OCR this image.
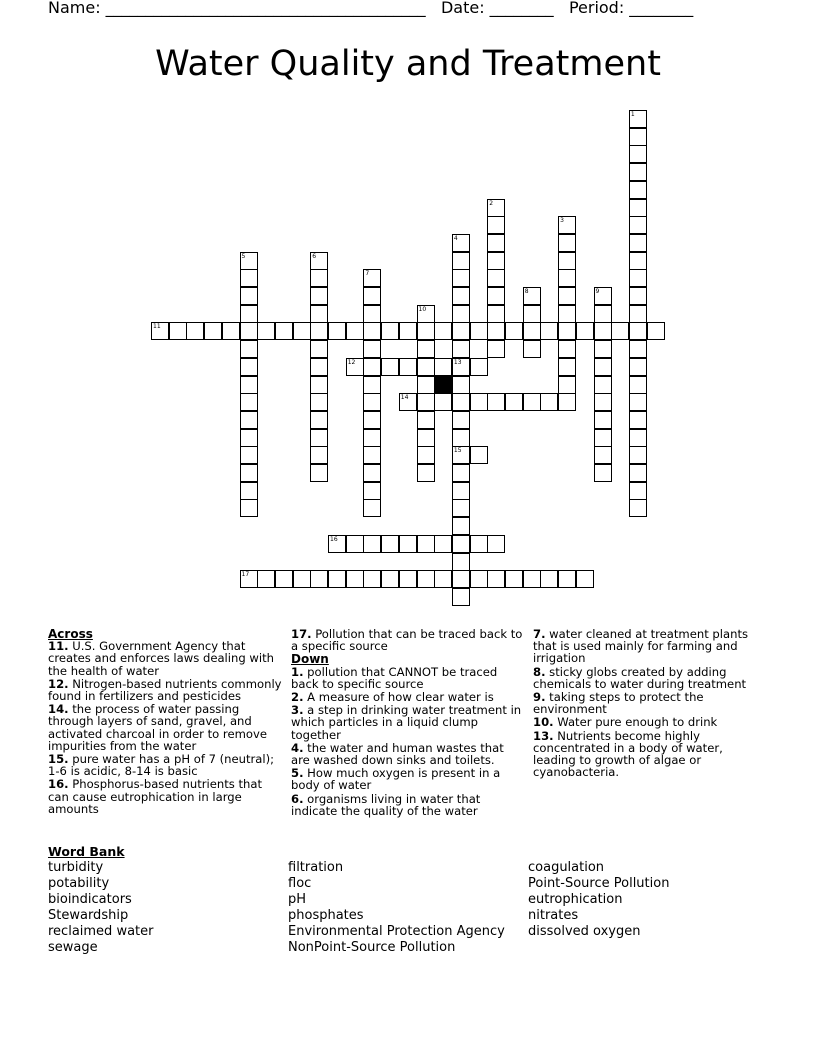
Name: ________________________________________ Date: ________ Period: ________
Water Quality and Treatment
11
12	13
14
15
16
17
1
2
3
4
5	6
7
8	9
10
Across
11. U.S. Government Agency that creates and enforces laws dealing with the health of water
12. Nitrogen-based nutrients commonly found in fertilizers and pesticides
14. the process of water passing through layers of sand, gravel, and activated charcoal in order to remove impurities from the water
15. pure water has a pH of 7 (neutral); 1-6 is acidic, 8-14 is basic
16. Phosphorus-based nutrients that can cause eutrophication in large amounts
17. Pollution that can be traced back to a specific source
Down
1. pollution that CANNOT be traced back to specific source
2. A measure of how clear water is
3. a step in drinking water treatment in which particles in a liquid clump together
4. the water and human wastes that are washed down sinks and toilets.
5. How much oxygen is present in a body of water
6. organisms living in water that indicate the quality of the water
7. water cleaned at treatment plants that is used mainly for farming and irrigation
8. sticky globs created by adding chemicals to water during treatment
9. taking steps to protect the environment
10. Water pure enough to drink
13. Nutrients become highly concentrated in a body of water, leading to growth of algae or cyanobacteria.
Word Bank
turbidity
potability
bioindicators
Stewardship
reclaimed water
sewage
filtration
floc
pH
phosphates
Environmental Protection Agency
NonPoint-Source Pollution
coagulation
Point-Source Pollution
eutrophication
nitrates
dissolved oxygen
